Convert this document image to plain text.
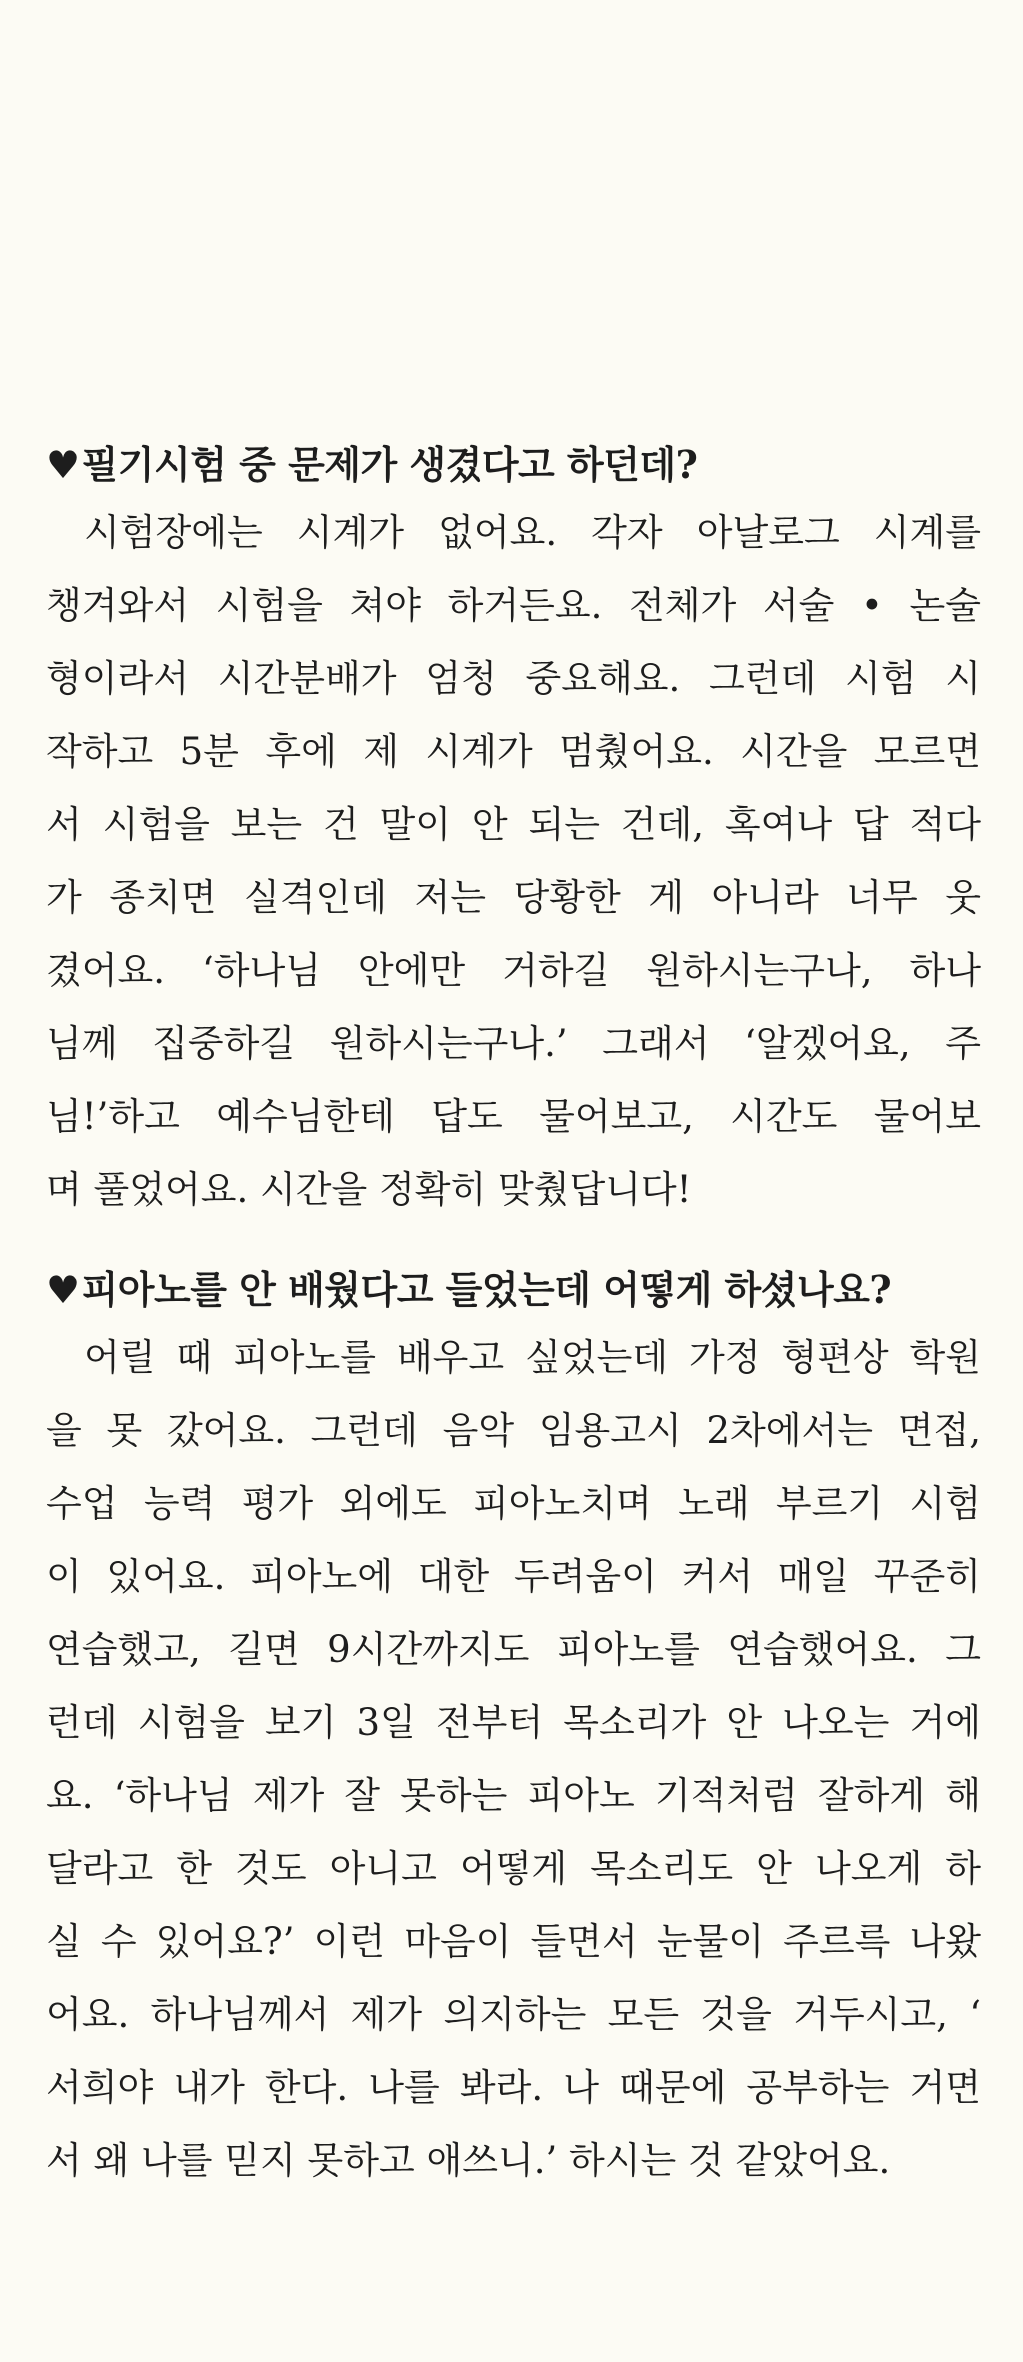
♥필기시험 중 문제가 생겼다고 하던데?
시험장에는 시계가 없어요. 각자 아날로그 시계를
챙겨와서 시험을 쳐야 하거든요. 전체가 서술 • 논술
형이라서 시간분배가 엄청 중요해요. 그런데 시험 시
작하고 5분 후에 제 시계가 멈췄어요. 시간을 모르면
서 시험을 보는 건 말이 안 되는 건데, 혹여나 답 적다
가 종치면 실격인데 저는 당황한 게 아니라 너무 웃
겼어요. ‘하나님 안에만 거하길 원하시는구나, 하나
님께 집중하길 원하시는구나.’ 그래서 ‘알겠어요, 주
님!’하고 예수님한테 답도 물어보고, 시간도 물어보
며 풀었어요. 시간을 정확히 맞췄답니다!
♥피아노를 안 배웠다고 들었는데 어떻게 하셨나요?
어릴 때 피아노를 배우고 싶었는데 가정 형편상 학원
을 못 갔어요. 그런데 음악 임용고시 2차에서는 면접,
수업 능력 평가 외에도 피아노치며 노래 부르기 시험
이 있어요. 피아노에 대한 두려움이 커서 매일 꾸준히
연습했고, 길면 9시간까지도 피아노를 연습했어요. 그
런데 시험을 보기 3일 전부터 목소리가 안 나오는 거에
요. ‘하나님 제가 잘 못하는 피아노 기적처럼 잘하게 해
달라고 한 것도 아니고 어떻게 목소리도 안 나오게 하
실 수 있어요?’ 이런 마음이 들면서 눈물이 주르륵 나왔
어요. 하나님께서 제가 의지하는 모든 것을 거두시고, ‘
서희야 내가 한다. 나를 봐라. 나 때문에 공부하는 거면
서 왜 나를 믿지 못하고 애쓰니.’ 하시는 것 같았어요.
